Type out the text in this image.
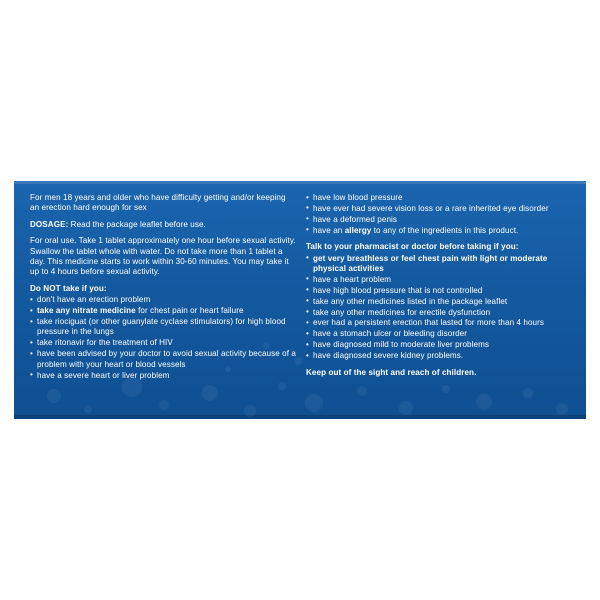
For men 18 years and older who have difficulty getting and/or keeping an erection hard enough for sex

DOSAGE: Read the package leaflet before use.

For oral use. Take 1 tablet approximately one hour before sexual activity. Swallow the tablet whole with water. Do not take more than 1 tablet a day. This medicine starts to work within 30-60 minutes. You may take it up to 4 hours before sexual activity.

Do NOT take if you:

• don't have an erection problem
• take any nitrate medicine for chest pain or heart failure
• take riociguat (or other guanylate cyclase stimulators) for high blood pressure in the lungs
• take ritonavir for the treatment of HIV
• have been advised by your doctor to avoid sexual activity because of a problem with your heart or blood vessels
• have a severe heart or liver problem
• have low blood pressure
• have ever had severe vision loss or a rare inherited eye disorder
• have a deformed penis
• have an allergy to any of the ingredients in this product.

Talk to your pharmacist or doctor before taking if you:

• get very breathless or feel chest pain with light or moderate physical activities
• have a heart problem
• have high blood pressure that is not controlled
• take any other medicines listed in the package leaflet
• take any other medicines for erectile dysfunction
• ever had a persistent erection that lasted for more than 4 hours
• have a stomach ulcer or bleeding disorder
• have diagnosed mild to moderate liver problems
• have diagnosed severe kidney problems.

Keep out of the sight and reach of children.
